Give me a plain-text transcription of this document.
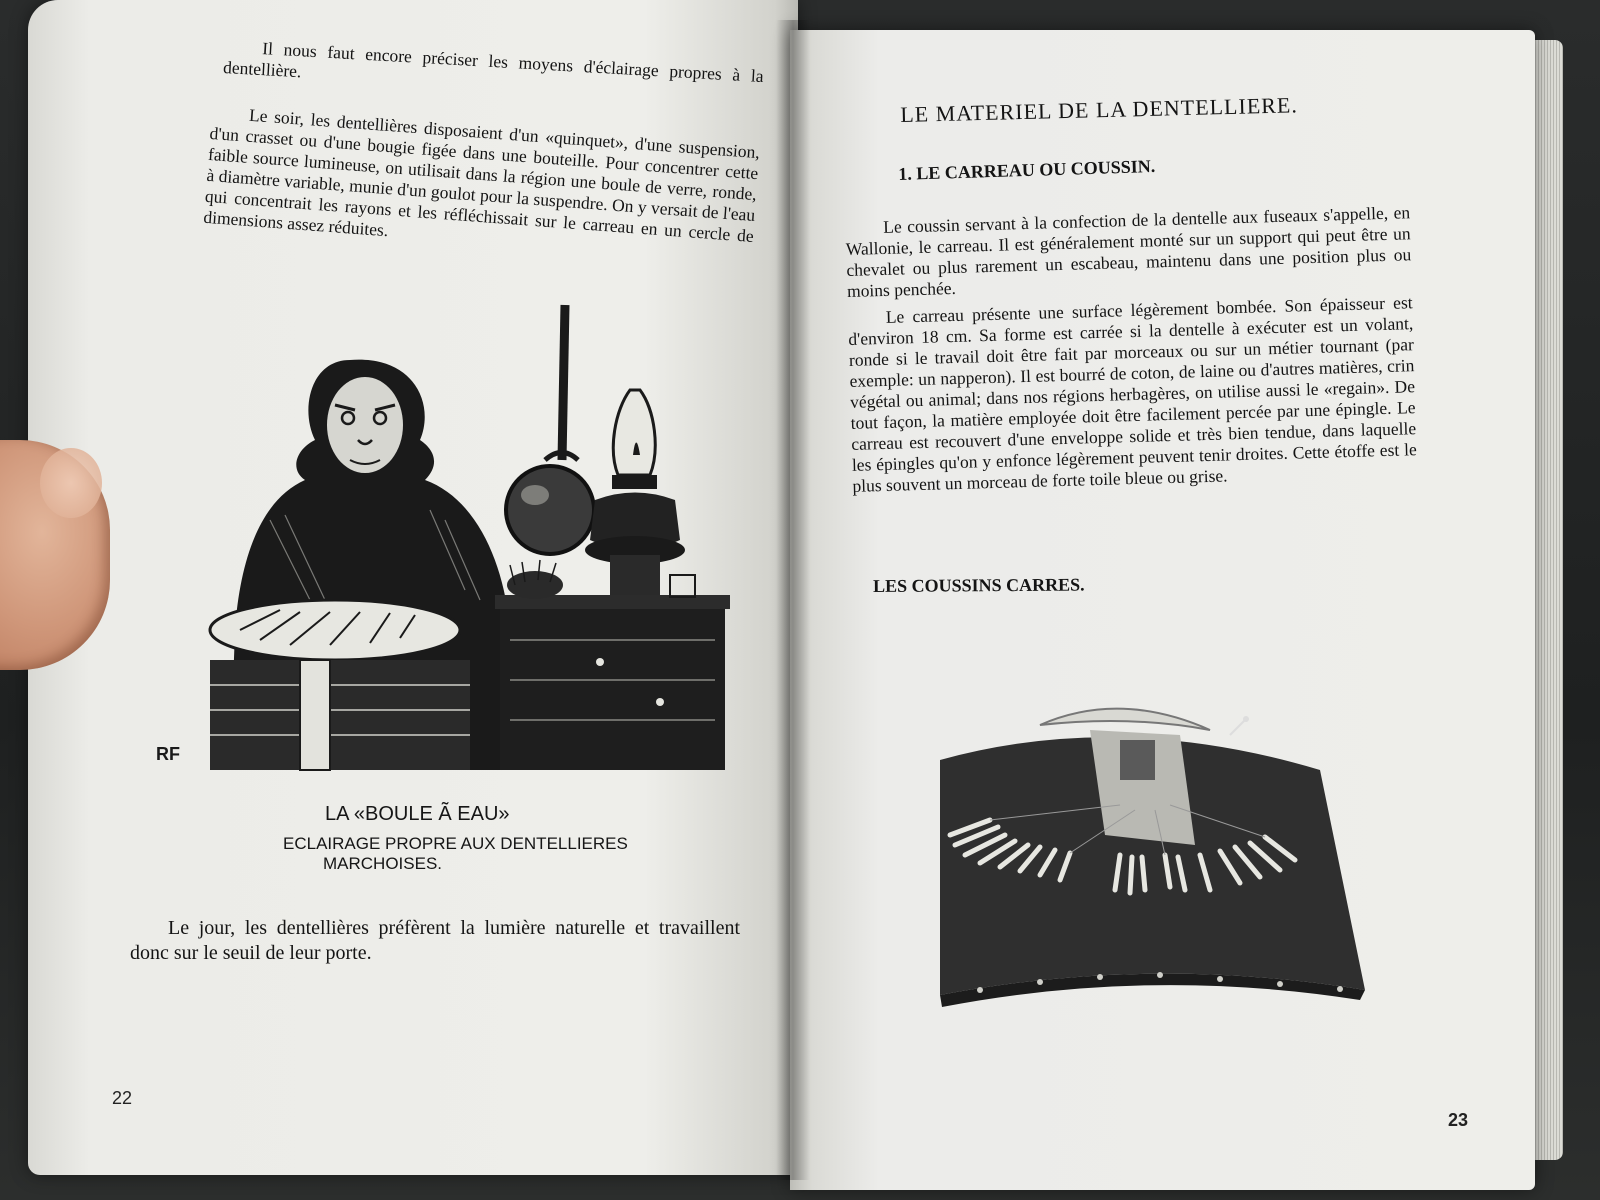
Il nous faut encore préciser les moyens d'éclairage propres à la dentellière.
Le soir, les dentellières disposaient d'un «quinquet», d'une suspension, d'un crasset ou d'une bougie figée dans une bouteille. Pour concentrer cette faible source lumineuse, on utilisait dans la région une boule de verre, ronde, à diamètre variable, munie d'un goulot pour la suspendre. On y versait de l'eau qui concentrait les rayons et les réfléchissait sur le carreau en un cercle de dimensions assez réduites.
RF
LA «BOULE Ã EAU»
ECLAIRAGE PROPRE AUX DENTELLIERES
MARCHOISES.
Le jour, les dentellières préfèrent la lumière naturelle et travaillent donc sur le seuil de leur porte.
22
LE MATERIEL DE LA DENTELLIERE.
1. LE CARREAU OU COUSSIN.

Le coussin servant à la confection de la dentelle aux fuseaux s'appelle, en Wallonie, le carreau. Il est généralement monté sur un support qui peut être un chevalet ou plus rarement un escabeau, maintenu dans une position plus ou moins penchée.

Le carreau présente une surface légèrement bombée. Son épaisseur est d'environ 18 cm. Sa forme est carrée si la dentelle à exécuter est un volant, ronde si le travail doit être fait par morceaux ou sur un métier tournant (par exemple: un napperon). Il est bourré de coton, de laine ou d'autres matières, crin végétal ou animal; dans nos régions herbagères, on utilise aussi le «regain». De tout façon, la matière employée doit être facilement percée par une épingle. Le carreau est recouvert d'une enveloppe solide et très bien tendue, dans laquelle les épingles qu'on y enfonce légèrement peuvent tenir droites. Cette étoffe est le plus souvent un morceau de forte toile bleue ou grise.

LES COUSSINS CARRES.
23
